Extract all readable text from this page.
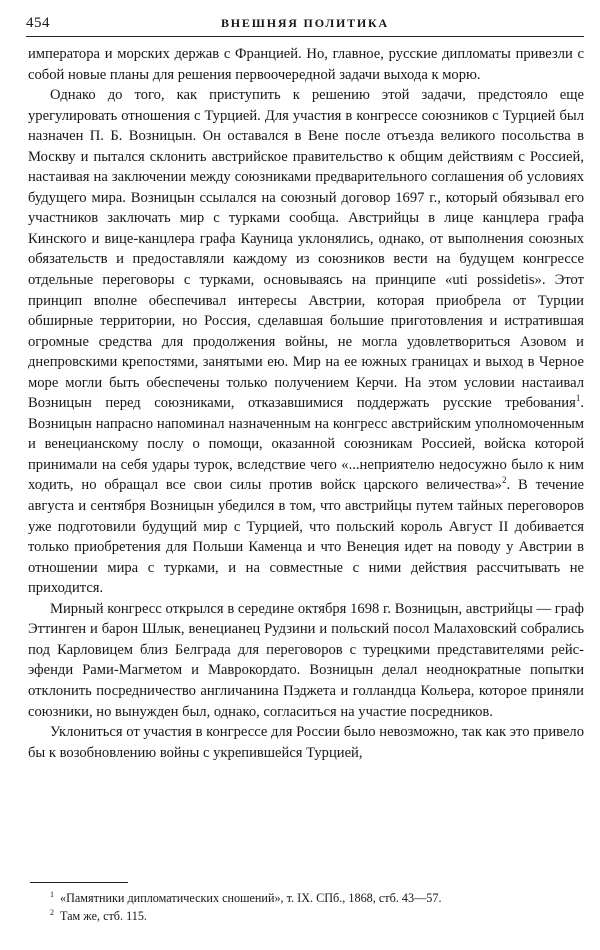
454	ВНЕШНЯЯ ПОЛИТИКА

императора и морских держав с Францией. Но, главное, русские дипломаты привезли с собой новые планы для решения первоочередной задачи выхода к морю.

Однако до того, как приступить к решению этой задачи, предстояло еще урегулировать отношения с Турцией. Для участия в конгрессе союзников с Турцией был назначен П. Б. Возницын. Он оставался в Вене после отъезда великого посольства в Москву и пытался склонить австрийское правительство к общим действиям с Россией, настаивая на заключении между союзниками предварительного соглашения об условиях будущего мира. Возницын ссылался на союзный договор 1697 г., который обязывал его участников заключать мир с турками сообща. Австрийцы в лице канцлера графа Кинского и вице-канцлера графа Кауница уклонялись, однако, от выполнения союзных обязательств и предоставляли каждому из союзников вести на будущем конгрессе отдельные переговоры с турками, основываясь на принципе «uti possidetis». Этот принцип вполне обеспечивал интересы Австрии, которая приобрела от Турции обширные территории, но Россия, сделавшая большие приготовления и истратившая огромные средства для продолжения войны, не могла удовлетвориться Азовом и днепровскими крепостями, занятыми ею. Мир на ее южных границах и выход в Черное море могли быть обеспечены только получением Керчи. На этом условии настаивал Возницын перед союзниками, отказавшимися поддержать русские требования$^1$. Возницын напрасно напоминал назначенным на конгресс австрийским уполномоченным и венецианскому послу о помощи, оказанной союзникам Россией, войска которой принимали на себя удары турок, вследствие чего «...неприятелю недосужно было к ним ходить, но обращал все свои силы против войск царского величества»$^2$. В течение августа и сентября Возницын убедился в том, что австрийцы путем тайных переговоров уже подготовили будущий мир с Турцией, что польский король Август II добивается только приобретения для Польши Каменца и что Венеция идет на поводу у Австрии в отношении мира с турками, и на совместные с ними действия рассчитывать не приходится.

Мирный конгресс открылся в середине октября 1698 г. Возницын, австрийцы — граф Эттинген и барон Шлык, венецианец Рудзини и польский посол Малаховский собрались под Карловицем близ Белграда для переговоров с турецкими представителями рейс-эфенди Рами-Магметом и Маврокордато. Возницын делал неоднократные попытки отклонить посредничество англичанина Пэджета и голландца Кольера, которое приняли союзники, но вынужден был, однако, согласиться на участие посредников.

Уклониться от участия в конгрессе для России было невозможно, так как это привело бы к возобновлению войны с укрепившейся Турцией,

$^1$ «Памятники дипломатических сношений», т. IX. СПб., 1868, стб. 43—57.
$^2$ Там же, стб. 115.
